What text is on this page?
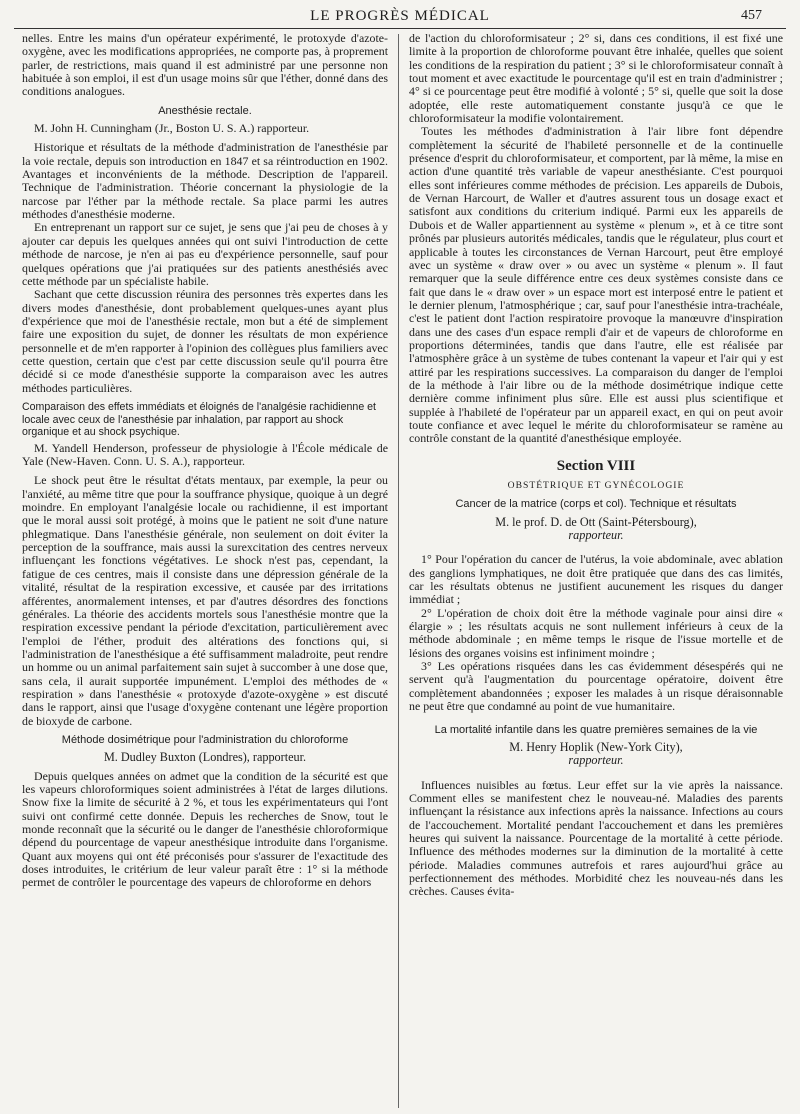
LE PROGRÈS MÉDICAL	457

nelles. Entre les mains d'un opérateur expérimenté, le protoxyde d'azote-oxygène, avec les modifications appropriées, ne comporte pas, à proprement parler, de restrictions, mais quand il est administré par une personne non habituée à son emploi, il est d'un usage moins sûr que l'éther, donné dans des conditions analogues.

Anesthésie rectale.

M. John H. Cunningham (Jr., Boston U. S. A.) rapporteur.

Historique et résultats de la méthode d'administration de l'anesthésie par la voie rectale, depuis son introduction en 1847 et sa réintroduction en 1902. Avantages et inconvénients de la méthode. Description de l'appareil. Technique de l'administration. Théorie concernant la physiologie de la narcose par l'éther par la méthode rectale. Sa place parmi les autres méthodes d'anesthésie moderne.

En entreprenant un rapport sur ce sujet, je sens que j'ai peu de choses à y ajouter car depuis les quelques années qui ont suivi l'introduction de cette méthode de narcose, je n'en ai pas eu d'expérience personnelle, sauf pour quelques opérations que j'ai pratiquées sur des patients anesthésiés avec cette méthode par un spécialiste habile.

Sachant que cette discussion réunira des personnes très expertes dans les divers modes d'anesthésie, dont probablement quelques-unes ayant plus d'expérience que moi de l'anesthésie rectale, mon but a été de simplement faire une exposition du sujet, de donner les résultats de mon expérience personnelle et de m'en rapporter à l'opinion des collègues plus familiers avec cette question, certain que c'est par cette discussion seule qu'il pourra être décidé si ce mode d'anesthésie supporte la comparaison avec les autres méthodes particulières.

Comparaison des effets immédiats et éloignés de l'analgésie rachidienne et locale avec ceux de l'anesthésie par inhalation, par rapport au shock organique et au shock psychique.

M. Yandell Henderson, professeur de physiologie à l'École médicale de Yale (New-Haven. Conn. U. S. A.), rapporteur.

Le shock peut être le résultat d'états mentaux, par exemple, la peur ou l'anxiété, au même titre que pour la souffrance physique, quoique à un degré moindre. En employant l'analgésie locale ou rachidienne, il est important que le moral aussi soit protégé, à moins que le patient ne soit d'une nature phlegmatique. Dans l'anesthésie générale, non seulement on doit éviter la perception de la souffrance, mais aussi la surexcitation des centres nerveux influençant les fonctions végétatives. Le shock n'est pas, cependant, la fatigue de ces centres, mais il consiste dans une dépression générale de la vitalité, résultat de la respiration excessive, et causée par des irritations afférentes, anormalement intenses, et par d'autres désordres des fonctions générales. La théorie des accidents mortels sous l'anesthésie montre que la respiration excessive pendant la période d'excitation, particulièrement avec l'emploi de l'éther, produit des altérations des fonctions qui, si l'administration de l'anesthésique a été suffisamment maladroite, peut rendre un homme ou un animal parfaitement sain sujet à succomber à une dose que, sans cela, il aurait supportée impunément. L'emploi des méthodes de « respiration » dans l'anesthésie « protoxyde d'azote-oxygène » est discuté dans le rapport, ainsi que l'usage d'oxygène contenant une légère proportion de bioxyde de carbone.

Méthode dosimétrique pour l'administration du chloroforme

M. Dudley Buxton (Londres), rapporteur.

Depuis quelques années on admet que la condition de la sécurité est que les vapeurs chloroformiques soient administrées à l'état de larges dilutions. Snow fixe la limite de sécurité à 2 %, et tous les expérimentateurs qui l'ont suivi ont confirmé cette donnée. Depuis les recherches de Snow, tout le monde reconnaît que la sécurité ou le danger de l'anesthésie chloroformique dépend du pourcentage de vapeur anesthésique introduite dans l'organisme. Quant aux moyens qui ont été préconisés pour s'assurer de l'exactitude des doses introduites, le critérium de leur valeur paraît être : 1° si la méthode permet de contrôler le pourcentage des vapeurs de chloroforme en dehors

de l'action du chloroformisateur ; 2° si, dans ces conditions, il est fixé une limite à la proportion de chloroforme pouvant être inhalée, quelles que soient les conditions de la respiration du patient ; 3° si le chloroformisateur connaît à tout moment et avec exactitude le pourcentage qu'il est en train d'administrer ; 4° si ce pourcentage peut être modifié à volonté ; 5° si, quelle que soit la dose adoptée, elle reste automatiquement constante jusqu'à ce que le chloroformisateur la modifie volontairement.

Toutes les méthodes d'administration à l'air libre font dépendre complètement la sécurité de l'habileté personnelle et de la continuelle présence d'esprit du chloroformisateur, et comportent, par là même, la mise en action d'une quantité très variable de vapeur anesthésiante. C'est pourquoi elles sont inférieures comme méthodes de précision. Les appareils de Dubois, de Vernan Harcourt, de Waller et d'autres assurent tous un dosage exact et satisfont aux conditions du criterium indiqué. Parmi eux les appareils de Dubois et de Waller appartiennent au système « plenum », et à ce titre sont prônés par plusieurs autorités médicales, tandis que le régulateur, plus court et applicable à toutes les circonstances de Vernan Harcourt, peut être employé avec un système « draw over » ou avec un système « plenum ». Il faut remarquer que la seule différence entre ces deux systèmes consiste dans ce fait que dans le « draw over » un espace mort est interposé entre le patient et le dernier plenum, l'atmosphérique ; car, sauf pour l'anesthésie intra-trachéale, c'est le patient dont l'action respiratoire provoque la manœuvre d'inspiration dans une des cases d'un espace rempli d'air et de vapeurs de chloroforme en proportions déterminées, tandis que dans l'autre, elle est réalisée par l'atmosphère grâce à un système de tubes contenant la vapeur et l'air qui y est attiré par les respirations successives. La comparaison du danger de l'emploi de la méthode à l'air libre ou de la méthode dosimétrique indique cette dernière comme infiniment plus sûre. Elle est aussi plus scientifique et supplée à l'habileté de l'opérateur par un appareil exact, en qui on peut avoir toute confiance et avec lequel le mérite du chloroformisateur se ramène au contrôle constant de la quantité d'anesthésique employée.

Section VIII
OBSTÉTRIQUE ET GYNÉCOLOGIE
Cancer de la matrice (corps et col). Technique et résultats

M. le prof. D. de Ott (Saint-Pétersbourg),

rapporteur.

1° Pour l'opération du cancer de l'utérus, la voie abdominale, avec ablation des ganglions lymphatiques, ne doit être pratiquée que dans des cas limités, car les résultats obtenus ne justifient aucunement les risques du danger immédiat ;

2° L'opération de choix doit être la méthode vaginale pour ainsi dire « élargie » ; les résultats acquis ne sont nullement inférieurs à ceux de la méthode abdominale ; en même temps le risque de l'issue mortelle et de lésions des organes voisins est infiniment moindre ;

3° Les opérations risquées dans les cas évidemment désespérés qui ne servent qu'à l'augmentation du pourcentage opératoire, doivent être complètement abandonnées ; exposer les malades à un risque déraisonnable ne peut être que condamné au point de vue humanitaire.

La mortalité infantile dans les quatre premières semaines de la vie

M. Henry Hoplik (New-York City),

rapporteur.

Influences nuisibles au fœtus. Leur effet sur la vie après la naissance. Comment elles se manifestent chez le nouveau-né. Maladies des parents influençant la résistance aux infections après la naissance. Infections au cours de l'accouchement. Mortalité pendant l'accouchement et dans les premières heures qui suivent la naissance. Pourcentage de la mortalité à cette période. Influence des méthodes modernes sur la diminution de la mortalité à cette période. Maladies communes autrefois et rares aujourd'hui grâce au perfectionnement des méthodes. Morbidité chez les nouveau-nés dans les crèches. Causes évita-
